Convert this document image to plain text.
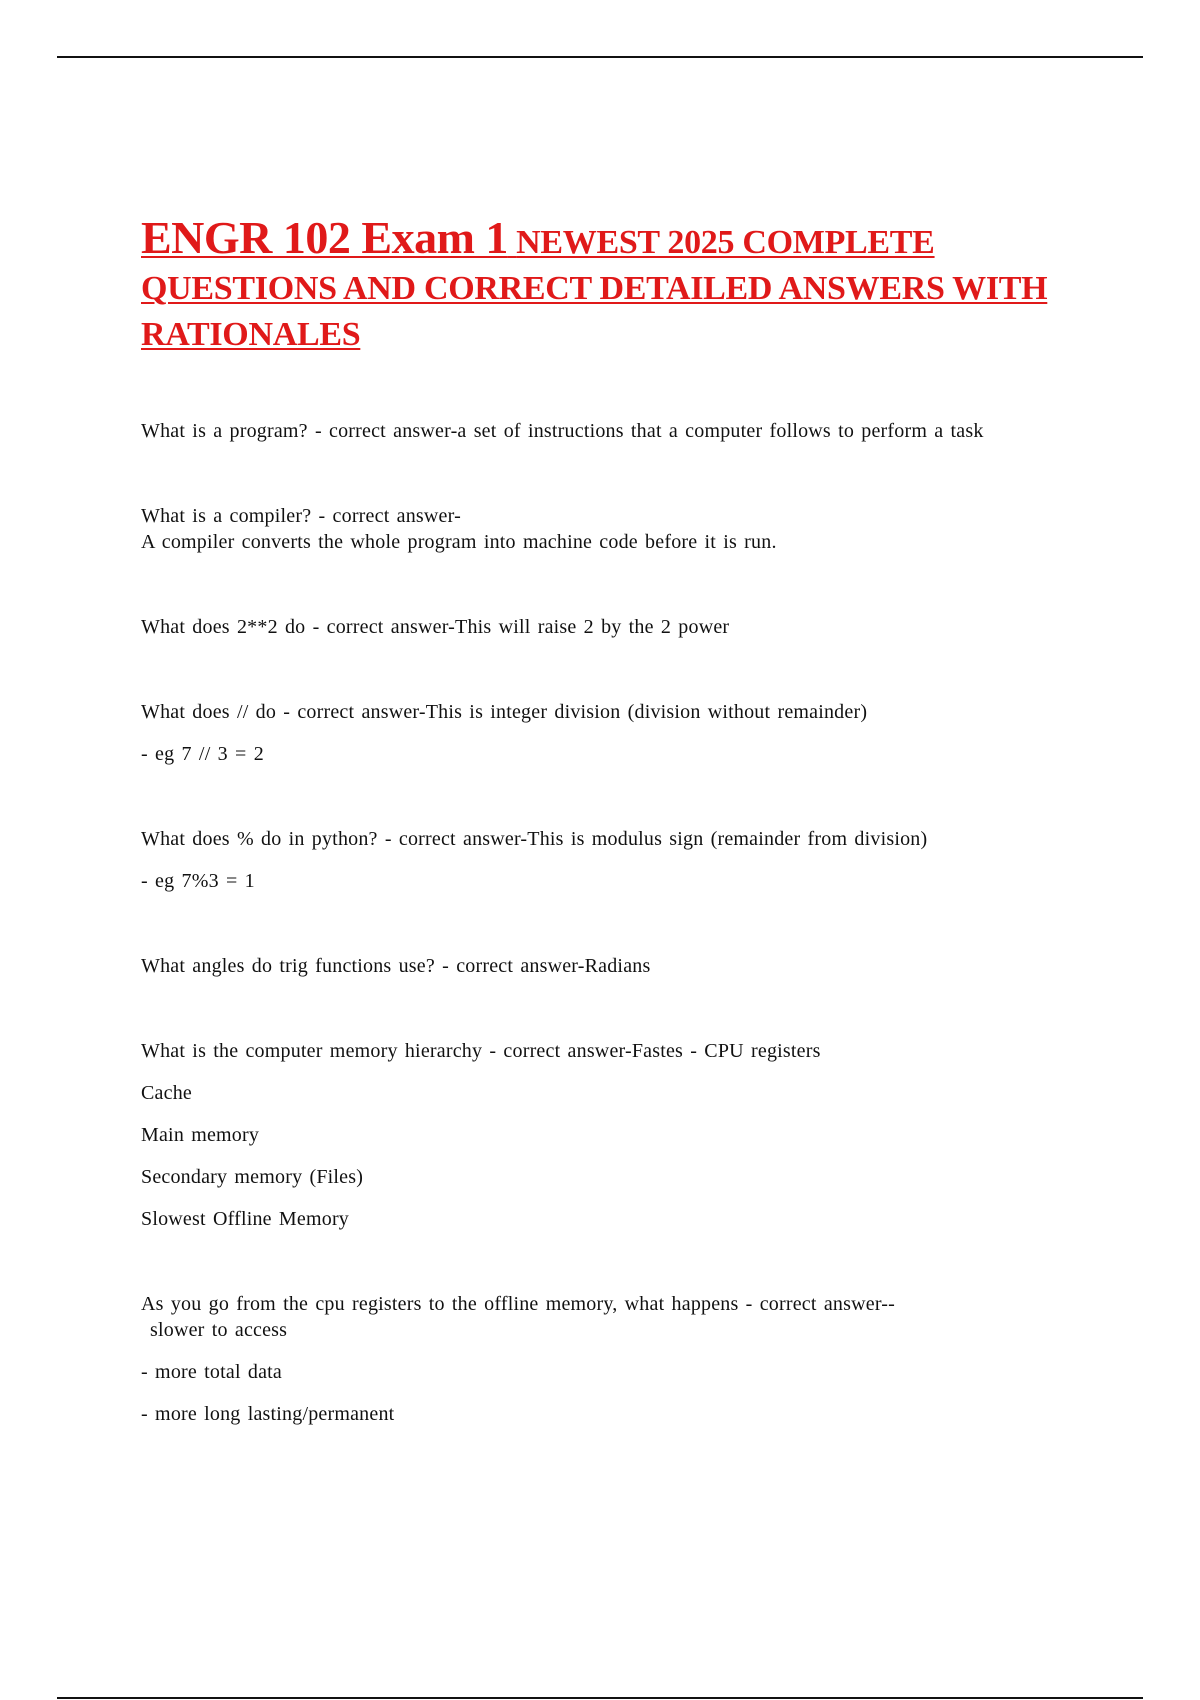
ENGR 102 Exam 1 NEWEST 2025 COMPLETE QUESTIONS AND CORRECT DETAILED ANSWERS WITH RATIONALES

What is a program? - correct answer-a set of instructions that a computer follows to perform a task

What is a compiler? - correct answer-

A compiler converts the whole program into machine code before it is run.

What does 2**2 do - correct answer-This will raise 2 by the 2 power

What does // do - correct answer-This is integer division (division without remainder)

- eg 7 // 3 = 2

What does % do in python? - correct answer-This is modulus sign (remainder from division)

- eg 7%3 = 1

What angles do trig functions use? - correct answer-Radians

What is the computer memory hierarchy - correct answer-Fastes - CPU registers

Cache

Main memory

Secondary memory (Files)

Slowest Offline Memory

As you go from the cpu registers to the offline memory, what happens - correct answer--

slower to access

- more total data

- more long lasting/permanent
